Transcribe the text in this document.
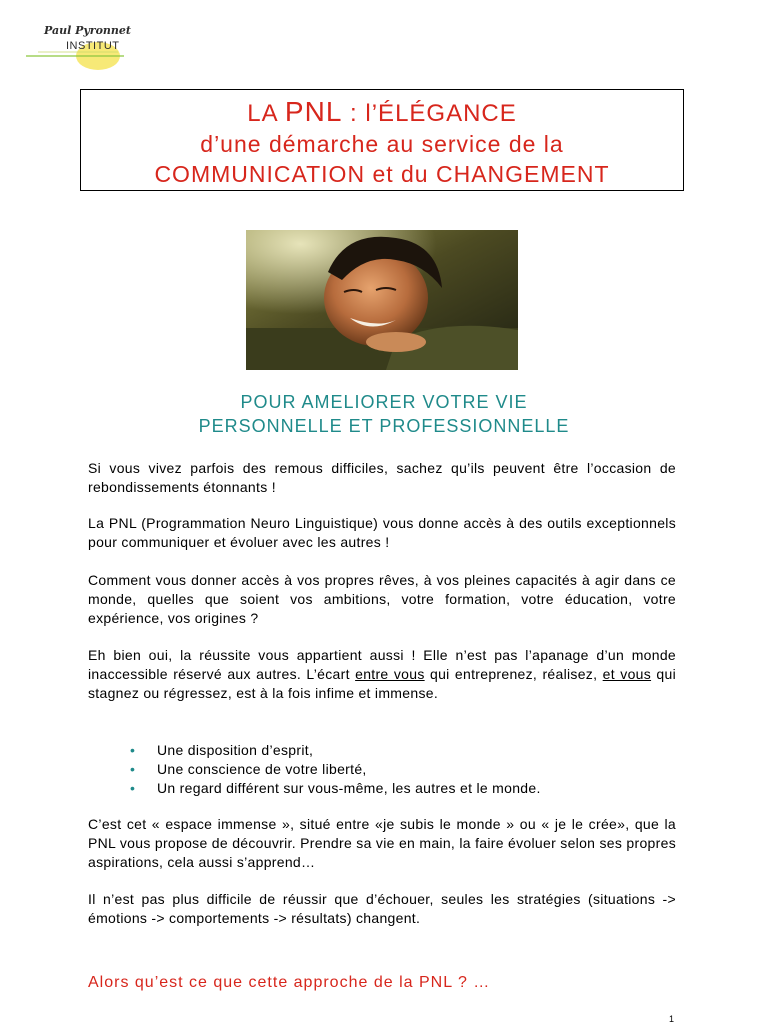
Paul Pyronnet
INSTITUT
LA PNL : l’ÉLÉGANCE
d’une démarche au service de la
COMMUNICATION et du CHANGEMENT
POUR AMELIORER VOTRE VIE
PERSONNELLE ET PROFESSIONNELLE
Si vous vivez parfois des remous difficiles, sachez qu’ils peuvent être l’occasion de rebondissements étonnants !
La PNL (Programmation Neuro Linguistique) vous donne accès à des outils exceptionnels pour communiquer et évoluer avec les autres !
Comment vous donner accès à vos propres rêves, à vos pleines capacités à agir dans ce monde, quelles que soient vos ambitions, votre formation, votre éducation, votre expérience, vos origines ?
Eh bien oui, la réussite vous appartient aussi ! Elle n’est pas l’apanage d’un monde inaccessible réservé aux autres. L’écart entre vous qui entreprenez, réalisez, et vous qui stagnez ou régressez, est à la fois infime et immense.
• Une disposition d’esprit,
• Une conscience de votre liberté,
• Un regard différent sur vous-même, les autres et le monde.
C’est cet « espace immense », situé entre «je subis le monde » ou « je le crée», que la PNL vous propose de découvrir. Prendre sa vie en main, la faire évoluer selon ses propres aspirations, cela aussi s’apprend…
Il n’est pas plus difficile de réussir que d’échouer, seules les stratégies (situations -> émotions -> comportements -> résultats) changent.
Alors qu’est ce que cette approche de la PNL ? …
1
